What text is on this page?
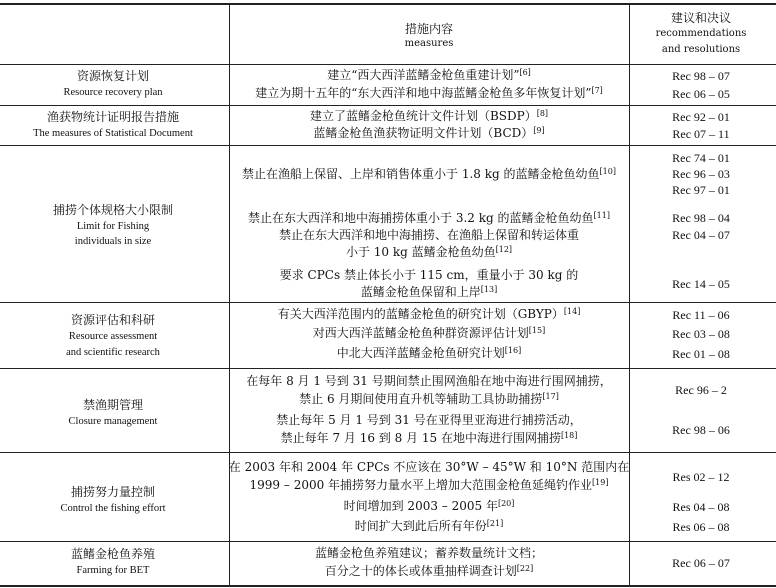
措施内容
measures
建议和决议
recommendations
and resolutions
资源恢复计划
Resource recovery plan
建立“西大西洋蓝鳍金枪鱼重建计划”[6]
建立为期十五年的“东大西洋和地中海蓝鳍金枪鱼多年恢复计划”[7]
Rec 98 – 07
Rec 06 – 05
渔获物统计证明报告措施
The measures of Statistical Document
建立了蓝鳍金枪鱼统计文件计划（BSDP）[8]
蓝鳍金枪鱼渔获物证明文件计划（BCD）[9]
Rec 92 – 01
Rec 07 – 11
捕捞个体规格大小限制
Limit for Fishing
individuals in size
禁止在渔船上保留、上岸和销售体重小于 1.8 kg 的蓝鳍金枪鱼幼鱼[10]
禁止在东大西洋和地中海捕捞体重小于 3.2 kg 的蓝鳍金枪鱼幼鱼[11]
禁止在东大西洋和地中海捕捞、在渔船上保留和转运体重
小于 10 kg 蓝鳍金枪鱼幼鱼[12]
要求 CPCs 禁止体长小于 115 cm，重量小于 30 kg 的
蓝鳍金枪鱼保留和上岸[13]
Rec 74 – 01
Rec 96 – 03
Rec 97 – 01
Rec 98 – 04
Rec 04 – 07
Rec 14 – 05
资源评估和科研
Resource assessment
and scientific research
有关大西洋范围内的蓝鳍金枪鱼的研究计划（GBYP）[14]
对西大西洋蓝鳍金枪鱼种群资源评估计划[15]
中北大西洋蓝鳍金枪鱼研究计划[16]
Rec 11 – 06
Rec 03 – 08
Rec 01 – 08
禁渔期管理
Closure management
在每年 8 月 1 号到 31 号期间禁止围网渔船在地中海进行围网捕捞，
禁止 6 月期间使用直升机等辅助工具协助捕捞[17]
禁止每年 5 月 1 号到 31 号在亚得里亚海进行捕捞活动，
禁止每年 7 月 16 到 8 月 15 在地中海进行围网捕捞[18]
Rec 96 – 2
Rec 98 – 06
捕捞努力量控制
Control the fishing effort
在 2003 年和 2004 年 CPCs 不应该在 30°W – 45°W 和 10°N 范围内在
1999 – 2000 年捕捞努力量水平上增加大范围金枪鱼延绳钓作业[19]
时间增加到 2003 – 2005 年[20]
时间扩大到此后所有年份[21]
Res 02 – 12
Res 04 – 08
Res 06 – 08
蓝鳍金枪鱼养殖
Farming for BET
蓝鳍金枪鱼养殖建议；蓄养数量统计文档；
百分之十的体长或体重抽样调查计划[22]	Rec 06 – 07
